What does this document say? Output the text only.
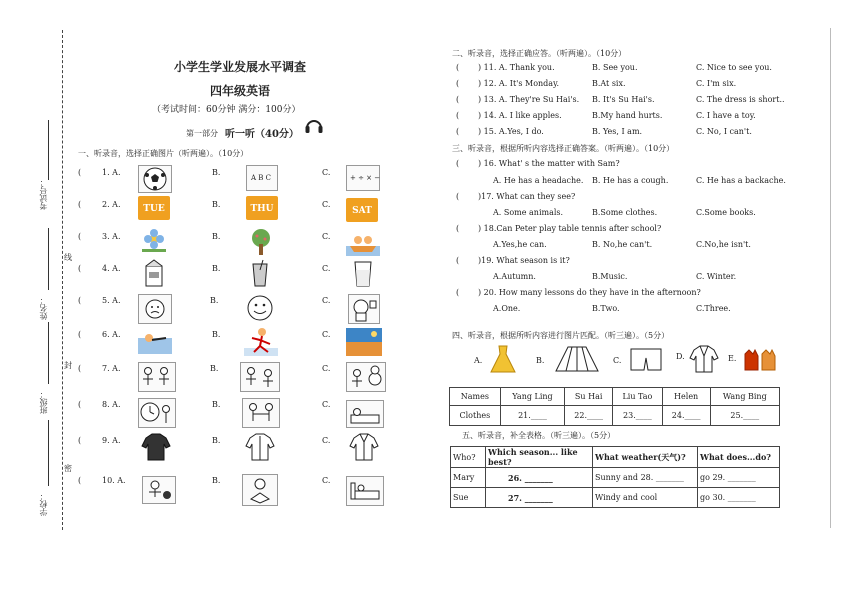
考试号：
姓名：
班级：
学校：
线
封
密
小学生学业发展水平调查
四年级英语
（考试时间：60分钟 满分：100分）
第一部分 听一听（40分）
一、听录音，选择正确图片（听两遍）。（10分）
(	1. A.	B.
A B C
C.
+ ÷ × −
(	2. A.	TUE	B.	THU	C.
SAT
(	3. A.	B.	C.
(	4. A.	B.	C.
(	5. A.	B.	C.
(	6. A.	B.	C.
(	7. A.	B.	C.
(	8. A.	B.	C.
(	9. A.	B.	C.
(	10. A.	B.	C.
二、听录音，选择正确应答。（听两遍）。（10分）
( ) 11. A. Thank you.	B. See you.	C. Nice to see you.
( ) 12. A. It's Monday.	B.At six.	C. I'm six.
( ) 13. A. They're Su Hai's. B. It's Su Hai's.	C. The dress is short..
( ) 14. A. I like apples.	B.My hand hurts.	C. I have a toy.
( ) 15. A.Yes, I do.	B. Yes, I am.	C. No, I can't.
三、听录音，根据所听内容选择正确答案。（听两遍）。（10分）
( ) 16. What' s the matter with Sam?
A. He has a headache. B. He has a cough.	C. He has a backache.
( )17. What can they see?
A. Some animals.	B.Some clothes.	C.Some books.
( ) 18.Can Peter play table tennis after school?
A.Yes,he can.	B. No,he can't.	C.No,he isn't.
( )19. What season is it?
A.Autumn.	B.Music.	C. Winter.
( ) 20. How many lessons do they have in the afternoon?
A.One.	B.Two.	C.Three.
四、听录音，根据所听内容进行图片匹配。（听三遍）。（5分）
A.	B.	C.	D.	E.
Names	Yang Ling	Su Hai	Liu Tao	Helen	Wang Bing
Clothes	21.____	22.____	23.____	24.____	25.____
五、听录音，补全表格。（听三遍）。（5分）
Who?	Which season... like best?	What weather(天气)?	What does...do?
Mary	26. _______	Sunny and 28. _______	go 29. _______
Sue	27. _______	Windy and cool	go 30. _______
